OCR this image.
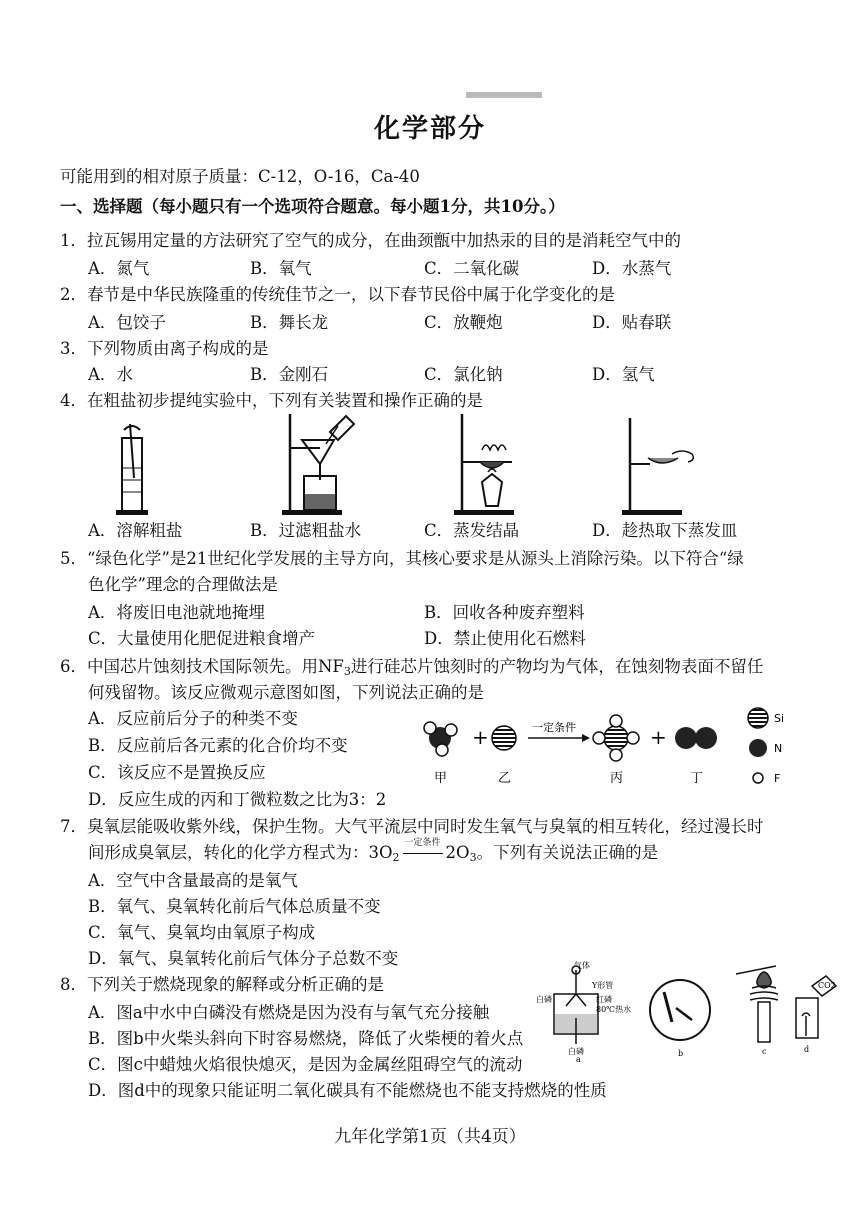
化学部分
可能用到的相对原子质量：C-12，O-16，Ca-40
一、选择题（每小题只有一个选项符合题意。每小题1分，共10分。）
1．拉瓦锡用定量的方法研究了空气的成分，在曲颈甑中加热汞的目的是消耗空气中的
A．氮气	B．氧气	C．二氧化碳	D．水蒸气
2．春节是中华民族隆重的传统佳节之一，以下春节民俗中属于化学变化的是
A．包饺子	B．舞长龙	C．放鞭炮	D．贴春联
3．下列物质由离子构成的是
A．水	B．金刚石	C．氯化钠	D．氢气
4．在粗盐初步提纯实验中，下列有关装置和操作正确的是
A．溶解粗盐	B．过滤粗盐水	C．蒸发结晶	D．趁热取下蒸发皿
5．“绿色化学”是21世纪化学发展的主导方向，其核心要求是从源头上消除污染。以下符合“绿
色化学”理念的合理做法是
A．将废旧电池就地掩埋	B．回收各种废弃塑料
C．大量使用化肥促进粮食增产	D．禁止使用化石燃料
6．中国芯片蚀刻技术国际领先。用$NF_3$进行硅芯片蚀刻时的产物均为气体，在蚀刻物表面不留任
何残留物。该反应微观示意图如图，下列说法正确的是
A．反应前后分子的种类不变
B．反应前后各元素的化合价均不变
C．该反应不是置换反应
D．反应生成的丙和丁微粒数之比为3：2
+	一定条件	+
Si
N
F
甲	乙	丙	丁
7．臭氧层能吸收紫外线，保护生物。大气平流层中同时发生氧气与臭氧的相互转化，经过漫长时
间形成臭氧层，转化的化学方程式为：$3O_2$
一定条件 $2O_3$。下列有关说法正确的是
A．空气中含量最高的是氧气
B．氧气、臭氧转化前后气体总质量不变
C．氧气、臭氧均由氧原子构成
D．氧气、臭氧转化前后气体分子总数不变
8．下列关于燃烧现象的解释或分析正确的是
A．图a中水中白磷没有燃烧是因为没有与氧气充分接触
B．图b中火柴头斜向下时容易燃烧，降低了火柴梗的着火点
C．图c中蜡烛火焰很快熄灭，是因为金属丝阻碍空气的流动
D．图d中的现象只能证明二氧化碳具有不能燃烧也不能支持燃烧的性质
气体
Y形管
红磷
80℃热水
白磷
白磷
a
b	c
CO2
d
九年化学第1页（共4页）
